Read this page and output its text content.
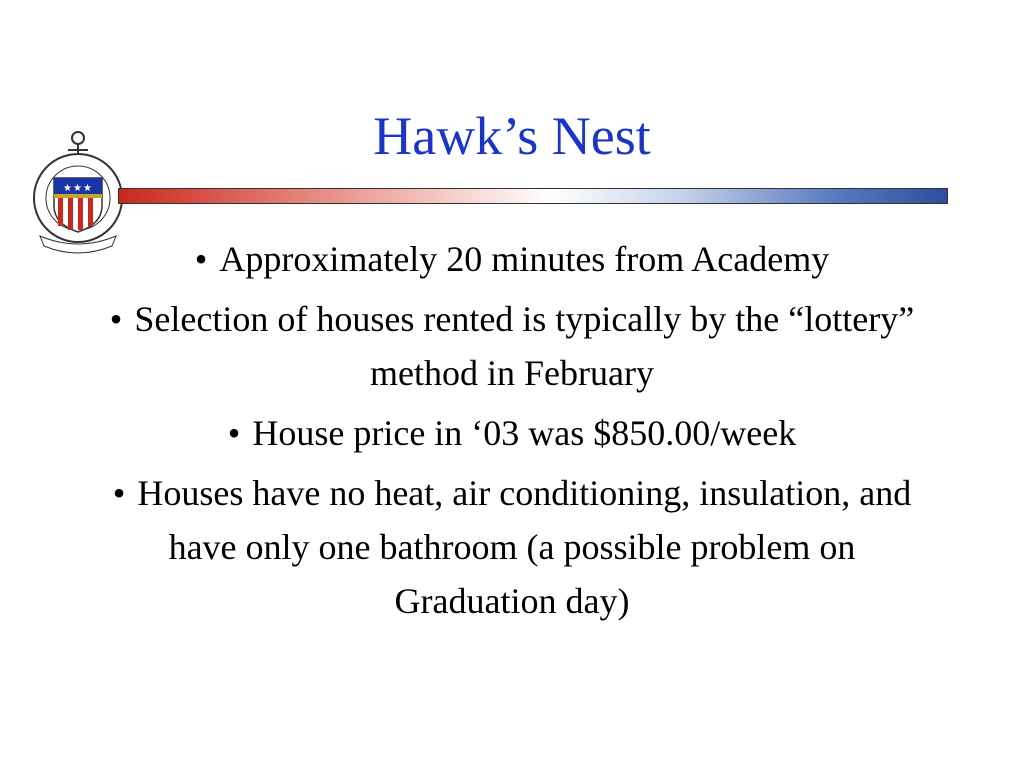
★ ★ ★
Hawk’s Nest
• Approximately 20 minutes from Academy
• Selection of houses rented is typically by the “lottery” method in February
• House price in ‘03 was $850.00/week
• Houses have no heat, air conditioning, insulation, and have only one bathroom (a possible problem on Graduation day)
